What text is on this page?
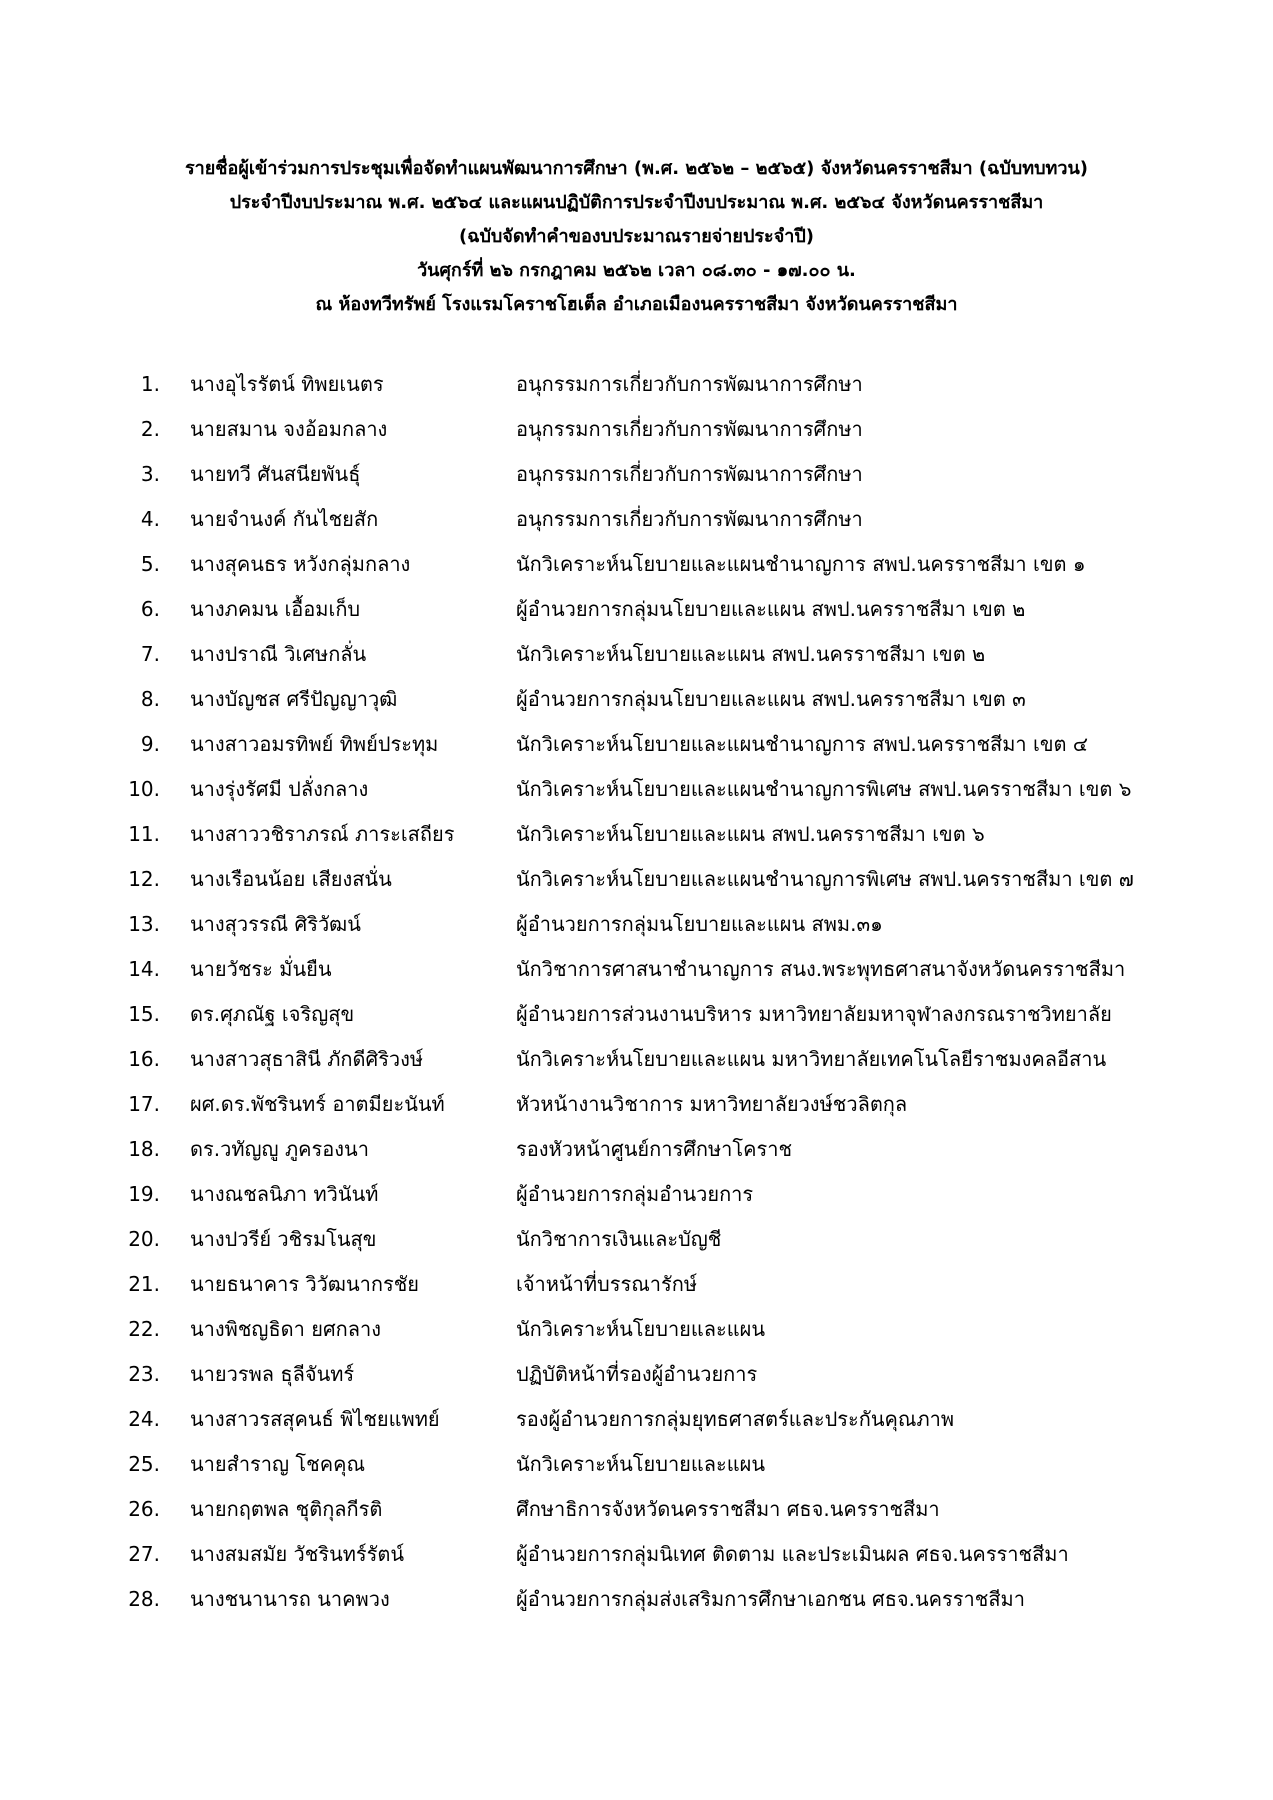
รายชื่อผู้เข้าร่วมการประชุมเพื่อจัดทำแผนพัฒนาการศึกษา (พ.ศ. ๒๕๖๒ – ๒๕๖๕) จังหวัดนครราชสีมา (ฉบับทบทวน)
ประจำปีงบประมาณ พ.ศ. ๒๕๖๔ และแผนปฏิบัติการประจำปีงบประมาณ พ.ศ. ๒๕๖๔ จังหวัดนครราชสีมา
(ฉบับจัดทำคำของบประมาณรายจ่ายประจำปี)
วันศุกร์ที่ ๒๖ กรกฎาคม ๒๕๖๒ เวลา ๐๘.๓๐ - ๑๗.๐๐ น.
ณ ห้องทวีทรัพย์ โรงแรมโคราชโฮเต็ล อำเภอเมืองนครราชสีมา จังหวัดนครราชสีมา
1. นางอุไรรัตน์ ทิพยเนตร	อนุกรรมการเกี่ยวกับการพัฒนาการศึกษา
2. นายสมาน จงอ้อมกลาง	อนุกรรมการเกี่ยวกับการพัฒนาการศึกษา
3. นายทวี ศันสนียพันธุ์	อนุกรรมการเกี่ยวกับการพัฒนาการศึกษา
4. นายจำนงค์ กันไชยสัก	อนุกรรมการเกี่ยวกับการพัฒนาการศึกษา
5. นางสุคนธร หวังกลุ่มกลาง	นักวิเคราะห์นโยบายและแผนชำนาญการ สพป.นครราชสีมา เขต ๑
6. นางภคมน เอื้อมเก็บ	ผู้อำนวยการกลุ่มนโยบายและแผน สพป.นครราชสีมา เขต ๒
7. นางปราณี วิเศษกลั่น	นักวิเคราะห์นโยบายและแผน สพป.นครราชสีมา เขต ๒
8. นางบัญชส ศรีปัญญาวุฒิ	ผู้อำนวยการกลุ่มนโยบายและแผน สพป.นครราชสีมา เขต ๓
9. นางสาวอมรทิพย์ ทิพย์ประทุม	นักวิเคราะห์นโยบายและแผนชำนาญการ สพป.นครราชสีมา เขต ๔
10. นางรุ่งรัศมี ปลั่งกลาง	นักวิเคราะห์นโยบายและแผนชำนาญการพิเศษ สพป.นครราชสีมา เขต ๖
11. นางสาววชิราภรณ์ ภาระเสถียร	นักวิเคราะห์นโยบายและแผน สพป.นครราชสีมา เขต ๖
12. นางเรือนน้อย เสียงสนั่น	นักวิเคราะห์นโยบายและแผนชำนาญการพิเศษ สพป.นครราชสีมา เขต ๗
13. นางสุวรรณี ศิริวัฒน์	ผู้อำนวยการกลุ่มนโยบายและแผน สพม.๓๑
14. นายวัชระ มั่นยืน	นักวิชาการศาสนาชำนาญการ สนง.พระพุทธศาสนาจังหวัดนครราชสีมา
15. ดร.ศุภณัฐ เจริญสุข	ผู้อำนวยการส่วนงานบริหาร มหาวิทยาลัยมหาจุฬาลงกรณราชวิทยาลัย
16. นางสาวสุธาสินี ภักดีศิริวงษ์	นักวิเคราะห์นโยบายและแผน มหาวิทยาลัยเทคโนโลยีราชมงคลอีสาน
17. ผศ.ดร.พัชรินทร์ อาตมียะนันท์	หัวหน้างานวิชาการ มหาวิทยาลัยวงษ์ชวลิตกุล
18. ดร.วทัญญู ภูครองนา	รองหัวหน้าศูนย์การศึกษาโคราช
19. นางณชลนิภา ทวินันท์	ผู้อำนวยการกลุ่มอำนวยการ
20. นางปวรีย์ วชิรมโนสุข	นักวิชาการเงินและบัญชี
21. นายธนาคาร วิวัฒนากรชัย	เจ้าหน้าที่บรรณารักษ์
22. นางพิชญธิดา ยศกลาง	นักวิเคราะห์นโยบายและแผน
23. นายวรพล ธุลีจันทร์	ปฏิบัติหน้าที่รองผู้อำนวยการ
24. นางสาวรสสุคนธ์ พิไชยแพทย์	รองผู้อำนวยการกลุ่มยุทธศาสตร์และประกันคุณภาพ
25. นายสำราญ โชคคุณ	นักวิเคราะห์นโยบายและแผน
26. นายกฤตพล ชุติกุลกีรติ	ศึกษาธิการจังหวัดนครราชสีมา ศธจ.นครราชสีมา
27. นางสมสมัย วัชรินทร์รัตน์	ผู้อำนวยการกลุ่มนิเทศ ติดตาม และประเมินผล ศธจ.นครราชสีมา
28. นางชนานารถ นาคพวง	ผู้อำนวยการกลุ่มส่งเสริมการศึกษาเอกชน ศธจ.นครราชสีมา
